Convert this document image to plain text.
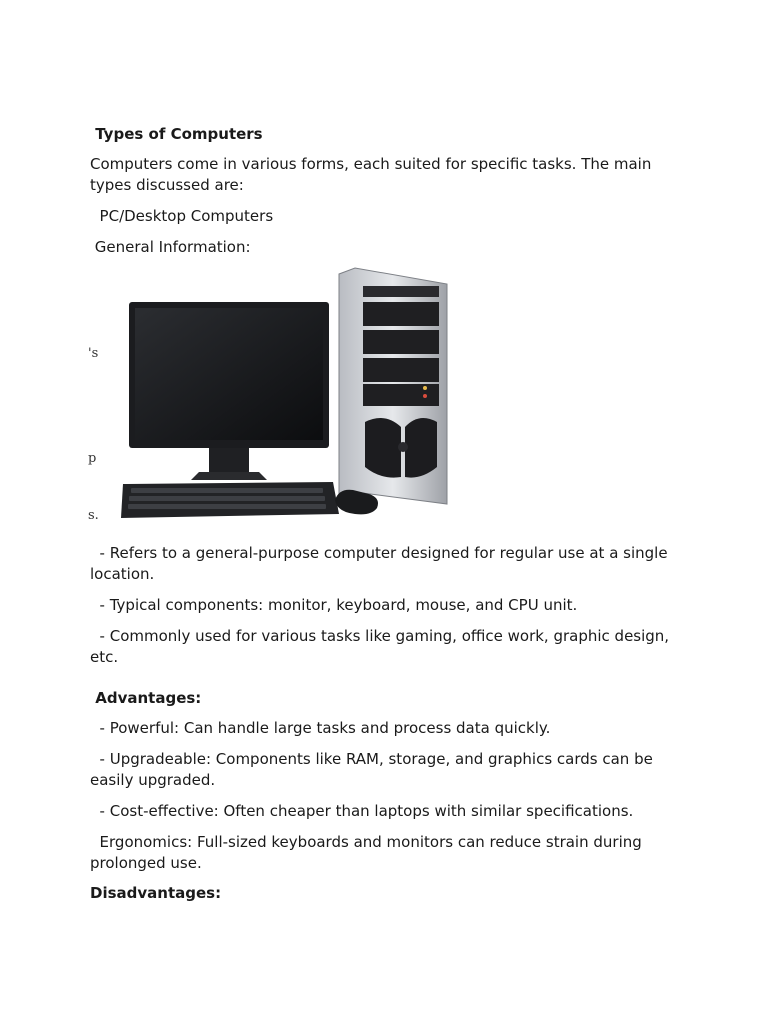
Types of Computers

Computers come in various forms, each suited for specific tasks. The main types discussed are:

PC/Desktop Computers

General Information:

's
p
s.

- Refers to a general-purpose computer designed for regular use at a single location.

- Typical components: monitor, keyboard, mouse, and CPU unit.

- Commonly used for various tasks like gaming, office work, graphic design, etc.

Advantages:

- Powerful: Can handle large tasks and process data quickly.

- Upgradeable: Components like RAM, storage, and graphics cards can be easily upgraded.

- Cost-effective: Often cheaper than laptops with similar specifications.

Ergonomics: Full-sized keyboards and monitors can reduce strain during prolonged use.

Disadvantages:
